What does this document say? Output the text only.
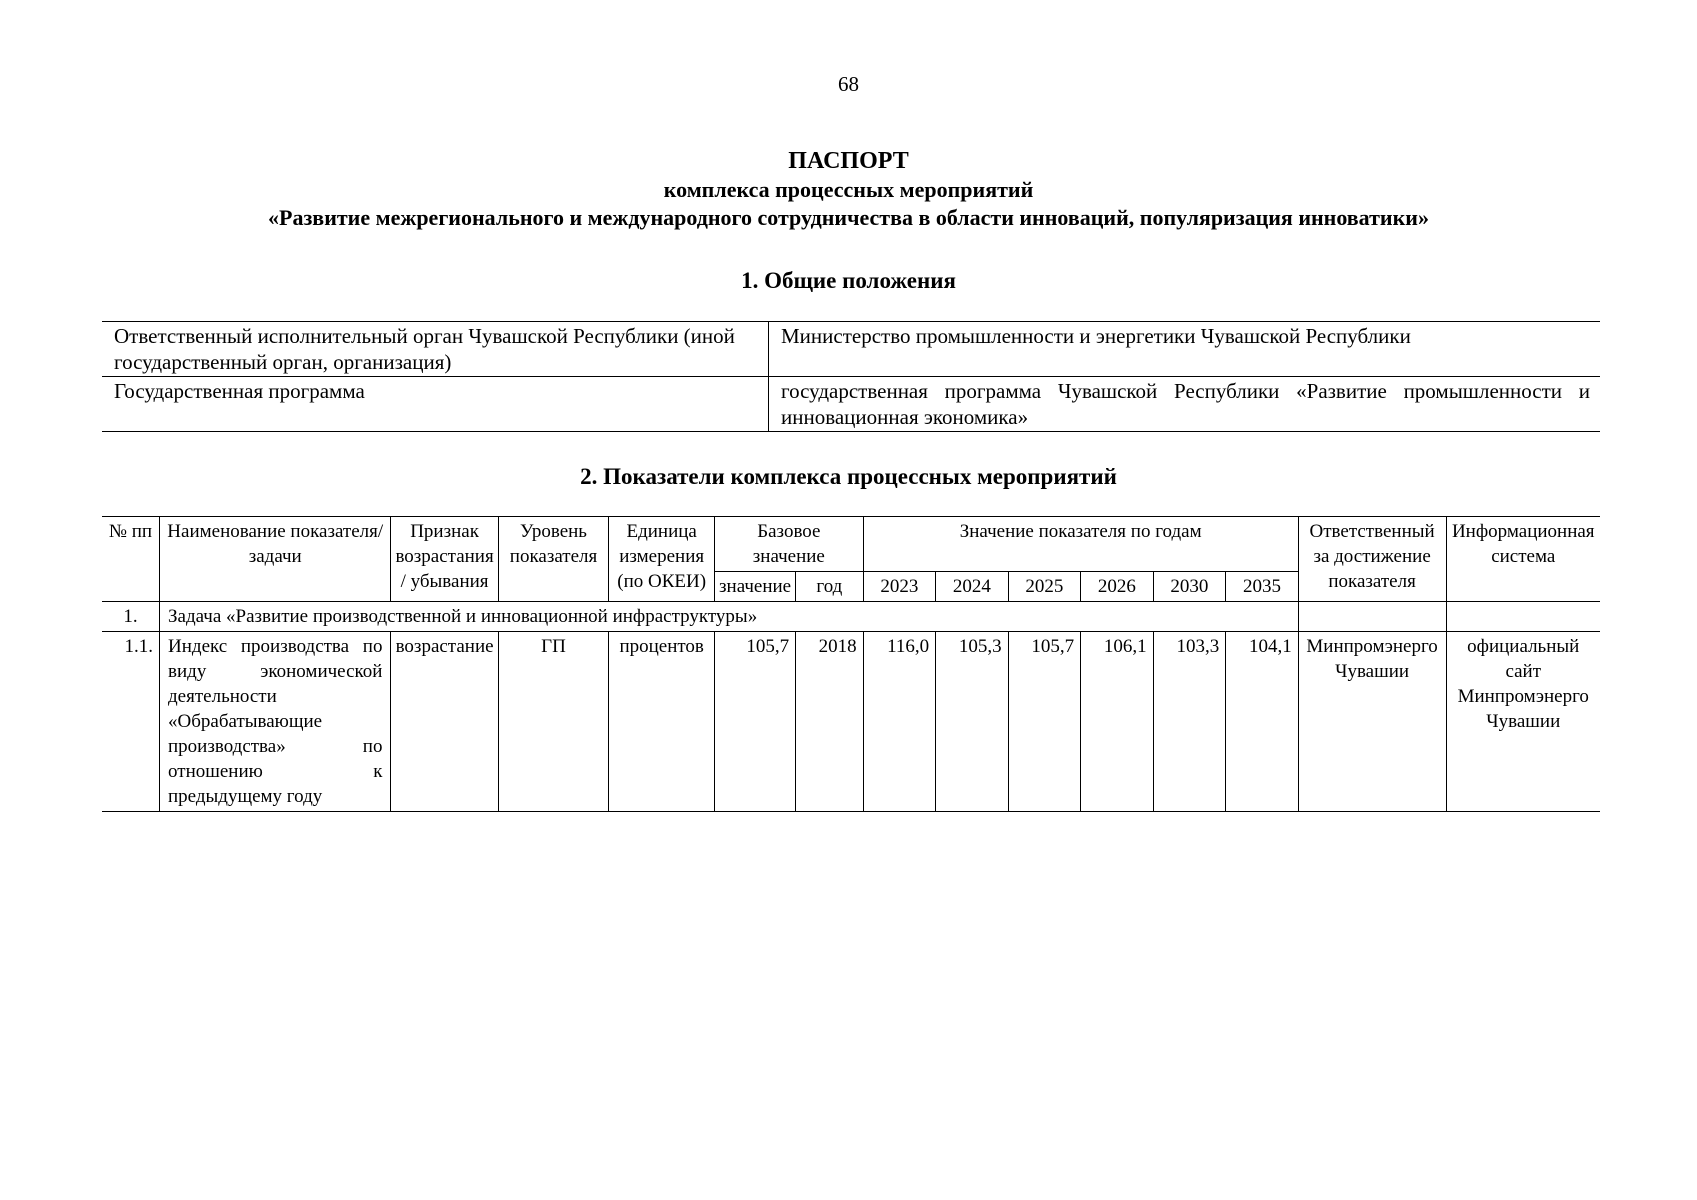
68
ПАСПОРТ
комплекса процессных мероприятий
«Развитие межрегионального и международного сотрудничества в области инноваций, популяризация инноватики»
1. Общие положения
Ответственный исполнительный орган Чувашской Республики (иной государственный орган, организация)	Министерство промышленности и энергетики Чувашской Республики
Государственная программа	государственная программа Чувашской Республики «Развитие промышленности и инновационная экономика»
2. Показатели комплекса процессных мероприятий
№ пп	Наименование показателя/задачи	Признак возрастания / убывания	Уровень показателя	Единица измерения (по ОКЕИ)	Базовое значение		Значение показателя по годам						Ответственный за достижение показателя	Информационная система
					значение	год	2023	2024	2025	2026	2030	2035		
1.	Задача «Развитие производственной и инновационной инфраструктуры»													
1.1.	Индекс производства по виду экономической деятельности «Обрабатывающие производства» по отношению к предыдущему году	возрастание	ГП	процентов	105,7	2018	116,0	105,3	105,7	106,1	103,3	104,1	Минпромэнерго Чувашии	официальный сайт Минпромэнерго Чувашии
